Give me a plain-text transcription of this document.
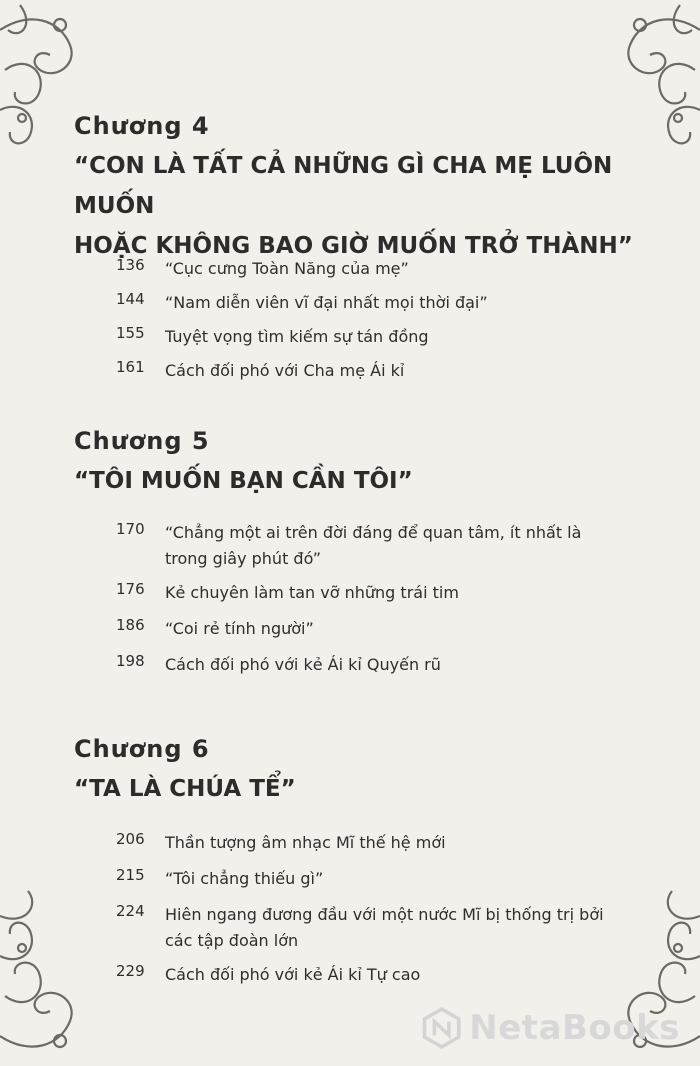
Chương 4
“CON LÀ TẤT CẢ NHỮNG GÌ CHA MẸ LUÔN MUỐN
HOẶC KHÔNG BAO GIỜ MUỐN TRỞ THÀNH”
136	“Cục cưng Toàn Năng của mẹ”
144	“Nam diễn viên vĩ đại nhất mọi thời đại”
155	Tuyệt vọng tìm kiếm sự tán đồng
161	Cách đối phó với Cha mẹ Ái kỉ
Chương 5
“TÔI MUỐN BẠN CẦN TÔI”
170	“Chẳng một ai trên đời đáng để quan tâm, ít nhất là trong giây phút đó”
176	Kẻ chuyên làm tan vỡ những trái tim
186	“Coi rẻ tính người”
198	Cách đối phó với kẻ Ái kỉ Quyến rũ
Chương 6
“TA LÀ CHÚA TỂ”
206	Thần tượng âm nhạc Mĩ thế hệ mới
215	“Tôi chẳng thiếu gì”
224	Hiên ngang đương đầu với một nước Mĩ bị thống trị bởi các tập đoàn lớn
229	Cách đối phó với kẻ Ái kỉ Tự cao
NetaBooks
